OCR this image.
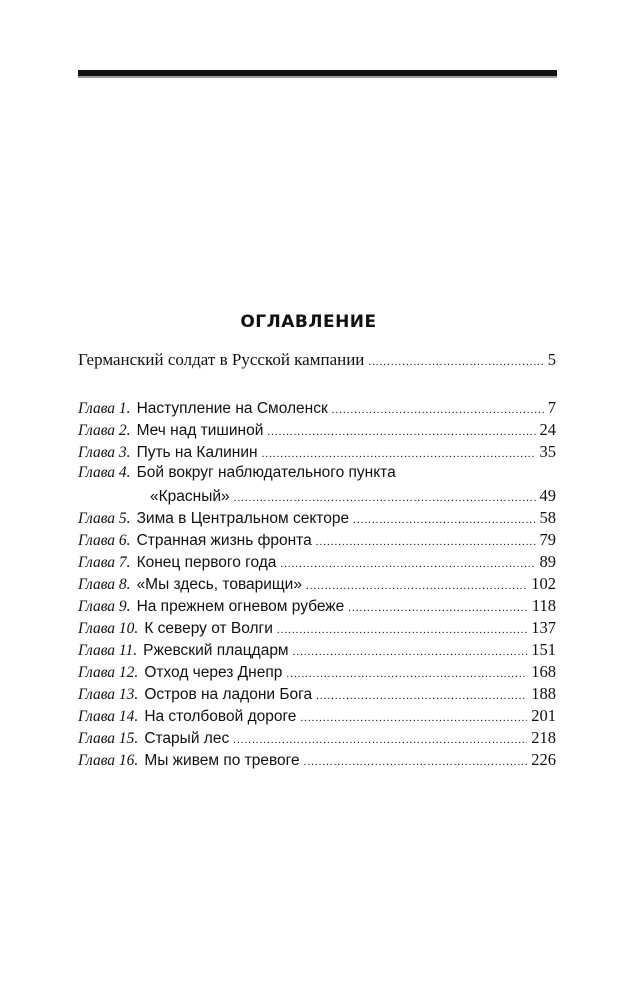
ОГЛАВЛЕНИЕ
Германский солдат в Русской кампании .....	5
Глава 1. Наступление на Смоленск .....	7
Глава 2. Меч над тишиной .....	24
Глава 3. Путь на Калинин .....	35
Глава 4. Бой вокруг наблюдательного пункта
«Красный» .....	49
Глава 5. Зима в Центральном секторе .....	58
Глава 6. Странная жизнь фронта .....	79
Глава 7. Конец первого года .....	89
Глава 8. «Мы здесь, товарищи» .....	102
Глава 9. На прежнем огневом рубеже .....	118
Глава 10. К северу от Волги .....	137
Глава 11. Ржевский плацдарм .....	151
Глава 12. Отход через Днепр .....	168
Глава 13. Остров на ладони Бога .....	188
Глава 14. На столбовой дороге .....	201
Глава 15. Старый лес .....	218
Глава 16. Мы живем по тревоге .....	226
